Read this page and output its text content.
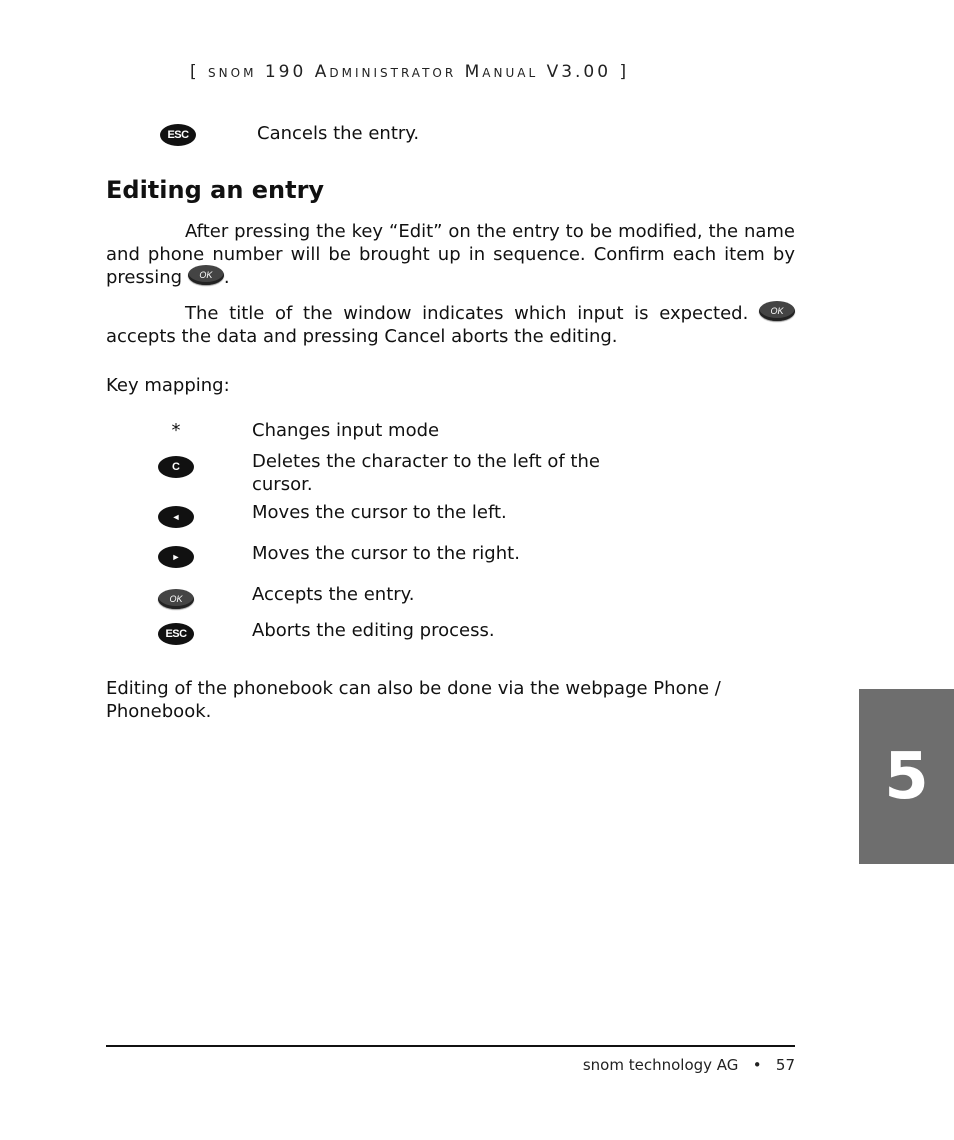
[ snom 190 Administrator Manual V3.00 ]
ESC	Cancels the entry.
Editing an entry
After pressing the key “Edit” on the entry to be modified, the name and phone number will be brought up in sequence. Confirm each item by pressing OK .
The title of the window indicates which input is expected. OK accepts the data and pressing Cancel aborts the editing.
Key mapping:
*	Changes input mode
C	Deletes the character to the left of the cursor.
◄	Moves the cursor to the left.
►	Moves the cursor to the right.
OK	Accepts the entry.
ESC	Aborts the editing process.
Editing of the phonebook can also be done via the webpage Phone / Phonebook.
5
snom technology AG • 57
